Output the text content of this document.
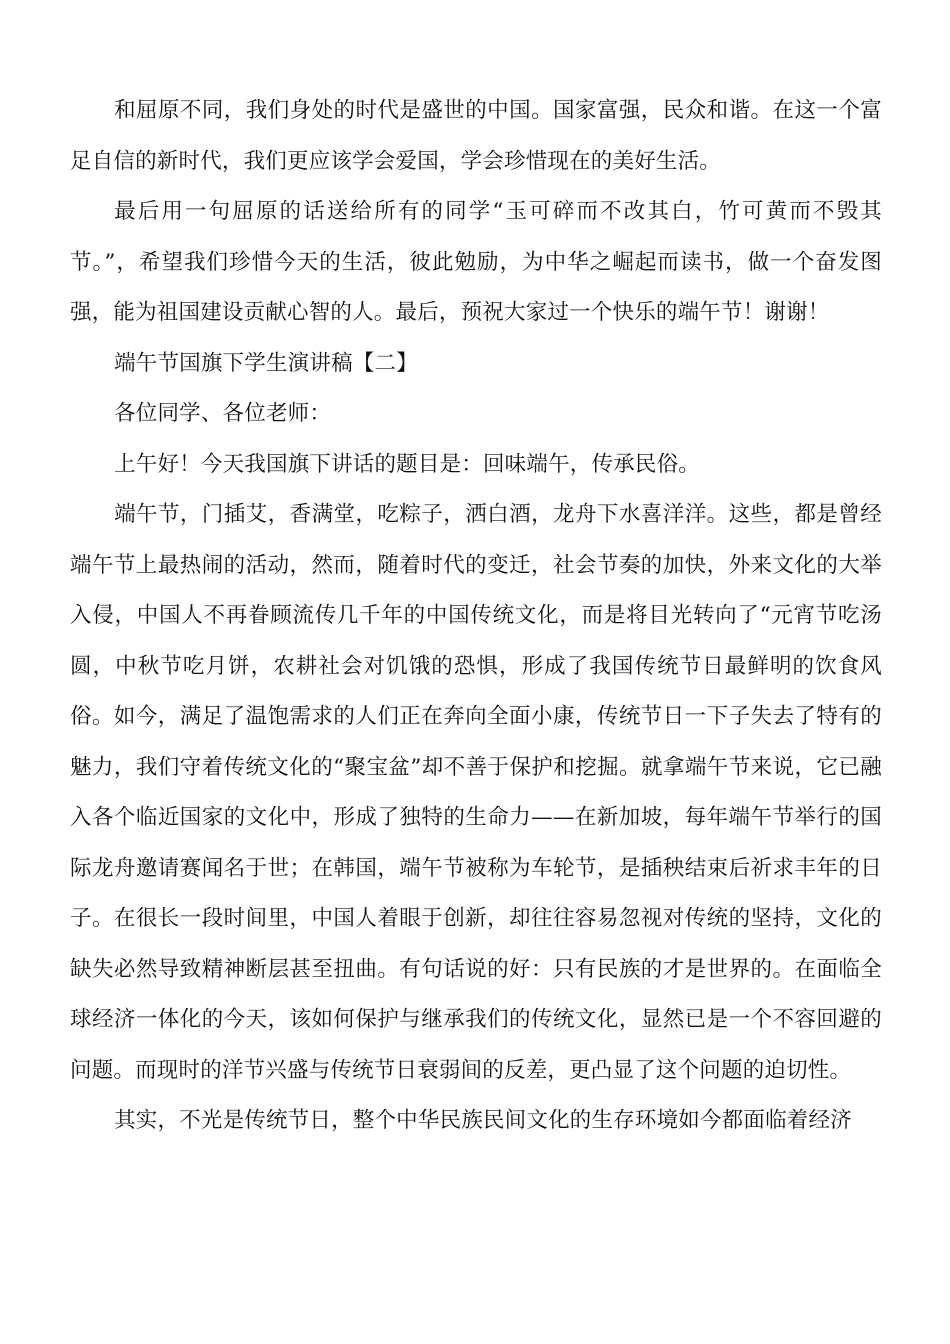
和屈原不同，我们身处的时代是盛世的中国。国家富强，民众和谐。在这一个富足自信的新时代，我们更应该学会爱国，学会珍惜现在的美好生活。

最后用一句屈原的话送给所有的同学“玉可碎而不改其白，竹可黄而不毁其节。”，希望我们珍惜今天的生活，彼此勉励，为中华之崛起而读书，做一个奋发图强，能为祖国建设贡献心智的人。最后，预祝大家过一个快乐的端午节！谢谢！

端午节国旗下学生演讲稿【二】

各位同学、各位老师：

上午好！今天我国旗下讲话的题目是：回味端午，传承民俗。

端午节，门插艾，香满堂，吃粽子，洒白酒，龙舟下水喜洋洋。这些，都是曾经端午节上最热闹的活动，然而，随着时代的变迁，社会节奏的加快，外来文化的大举入侵，中国人不再眷顾流传几千年的中国传统文化，而是将目光转向了“元宵节吃汤圆，中秋节吃月饼，农耕社会对饥饿的恐惧，形成了我国传统节日最鲜明的饮食风俗。如今，满足了温饱需求的人们正在奔向全面小康，传统节日一下子失去了特有的魅力，我们守着传统文化的“聚宝盆”却不善于保护和挖掘。就拿端午节来说，它已融入各个临近国家的文化中，形成了独特的生命力——在新加坡，每年端午节举行的国际龙舟邀请赛闻名于世；在韩国，端午节被称为车轮节，是插秧结束后祈求丰年的日子。在很长一段时间里，中国人着眼于创新，却往往容易忽视对传统的坚持，文化的缺失必然导致精神断层甚至扭曲。有句话说的好：只有民族的才是世界的。在面临全球经济一体化的今天，该如何保护与继承我们的传统文化，显然已是一个不容回避的问题。而现时的洋节兴盛与传统节日衰弱间的反差，更凸显了这个问题的迫切性。

其实，不光是传统节日，整个中华民族民间文化的生存环境如今都面临着经济
